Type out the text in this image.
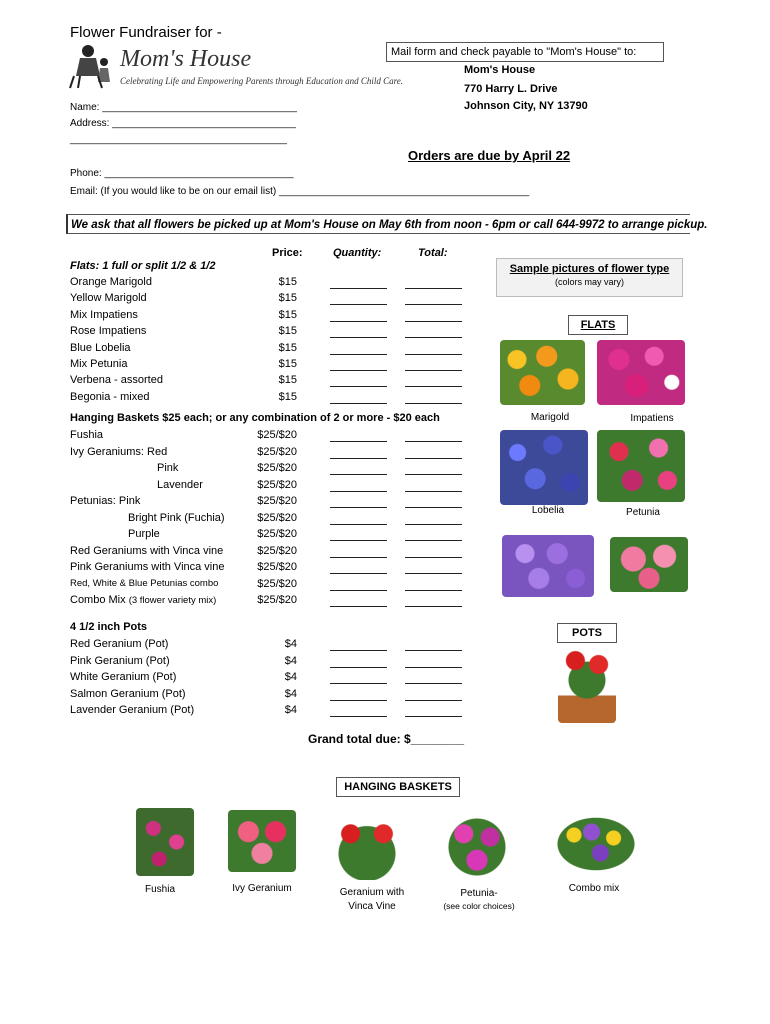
Flower Fundraiser for -
Mom's House
Celebrating Life and Empowering Parents through Education and Child Care.
Mail form and check payable to "Mom's House" to:
Mom's House
770 Harry L. Drive
Johnson City, NY 13790
Name: ___________________________________
Address: _________________________________
_______________________________________
Orders are due by April 22
Phone: __________________________________
Email: (If you would like to be on our email list) _____________________________________________
We ask that all flowers be picked up at Mom's House on May 6th from noon - 6pm or call 644-9972 to arrange pickup.
Price:	Quantity:	Total:
Flats: 1 full or split 1/2 & 1/2
Orange Marigold	$15
Yellow Marigold	$15
Mix Impatiens	$15
Rose Impatiens	$15
Blue Lobelia	$15
Mix Petunia	$15
Verbena - assorted	$15
Begonia - mixed	$15
Hanging Baskets $25 each; or any combination of 2 or more - $20 each
Fushia	$25/$20
Ivy Geraniums: Red	$25/$20
Pink	$25/$20
Lavender	$25/$20
Petunias: Pink	$25/$20
Bright Pink (Fuchia)	$25/$20
Purple	$25/$20
Red Geraniums with Vinca vine	$25/$20
Pink Geraniums with Vinca vine	$25/$20
Red, White & Blue Petunias combo	$25/$20
Combo Mix (3 flower variety mix)	$25/$20
4 1/2 inch Pots
Red Geranium (Pot)	$4
Pink Geranium (Pot)	$4
White Geranium (Pot)	$4
Salmon Geranium (Pot)	$4
Lavender Geranium (Pot)	$4
Grand total due: $________
Sample pictures of flower type
(colors may vary)
FLATS
Marigold	Impatiens
Lobelia	Petunia
POTS
HANGING BASKETS
Fushia	Ivy Geranium	Geranium with
Vinca Vine
Petunia-
(see color choices)
Combo mix
